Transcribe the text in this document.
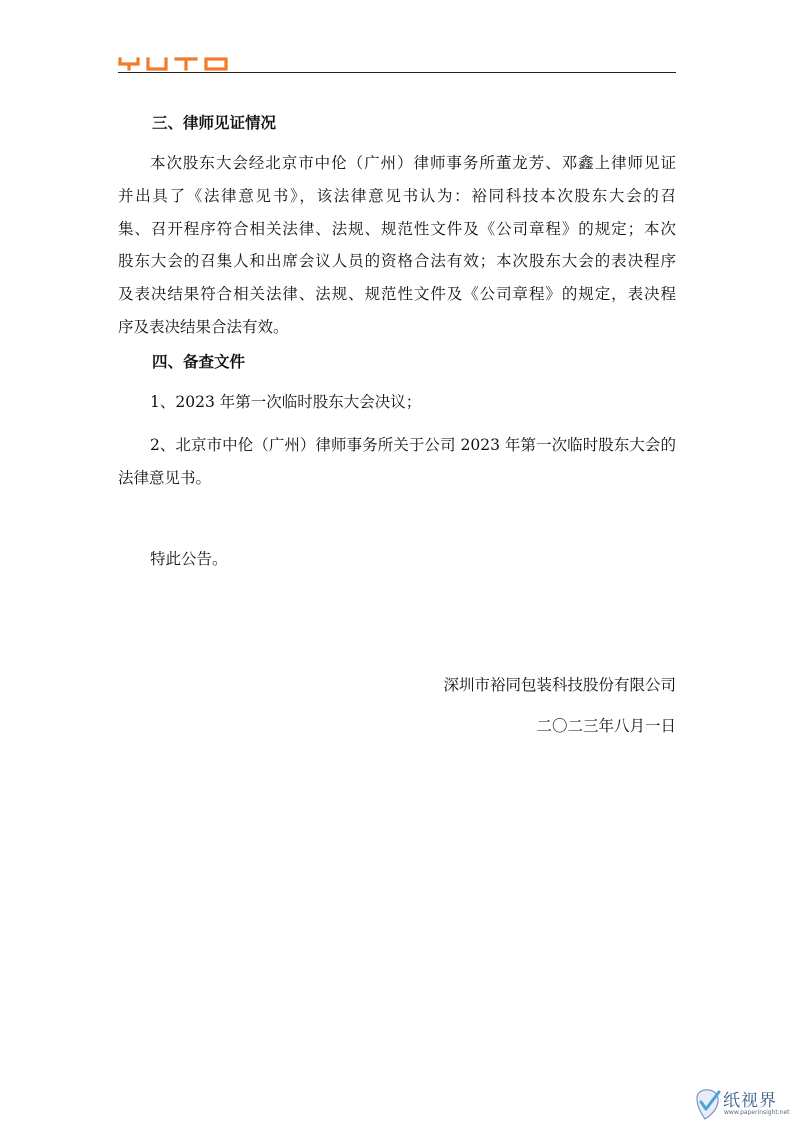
三、律师见证情况
本次股东大会经北京市中伦（广州）律师事务所董龙芳、邓鑫上律师见证
并出具了《法律意见书》，该法律意见书认为：裕同科技本次股东大会的召
集、召开程序符合相关法律、法规、规范性文件及《公司章程》的规定；本次
股东大会的召集人和出席会议人员的资格合法有效；本次股东大会的表决程序
及表决结果符合相关法律、法规、规范性文件及《公司章程》的规定，表决程
序及表决结果合法有效。
四、备查文件
1、2023 年第一次临时股东大会决议；
2、北京市中伦（广州）律师事务所关于公司 2023 年第一次临时股东大会的
法律意见书。
特此公告。
深圳市裕同包装科技股份有限公司
二〇二三年八月一日
纸视界
www.paperinsight.net
